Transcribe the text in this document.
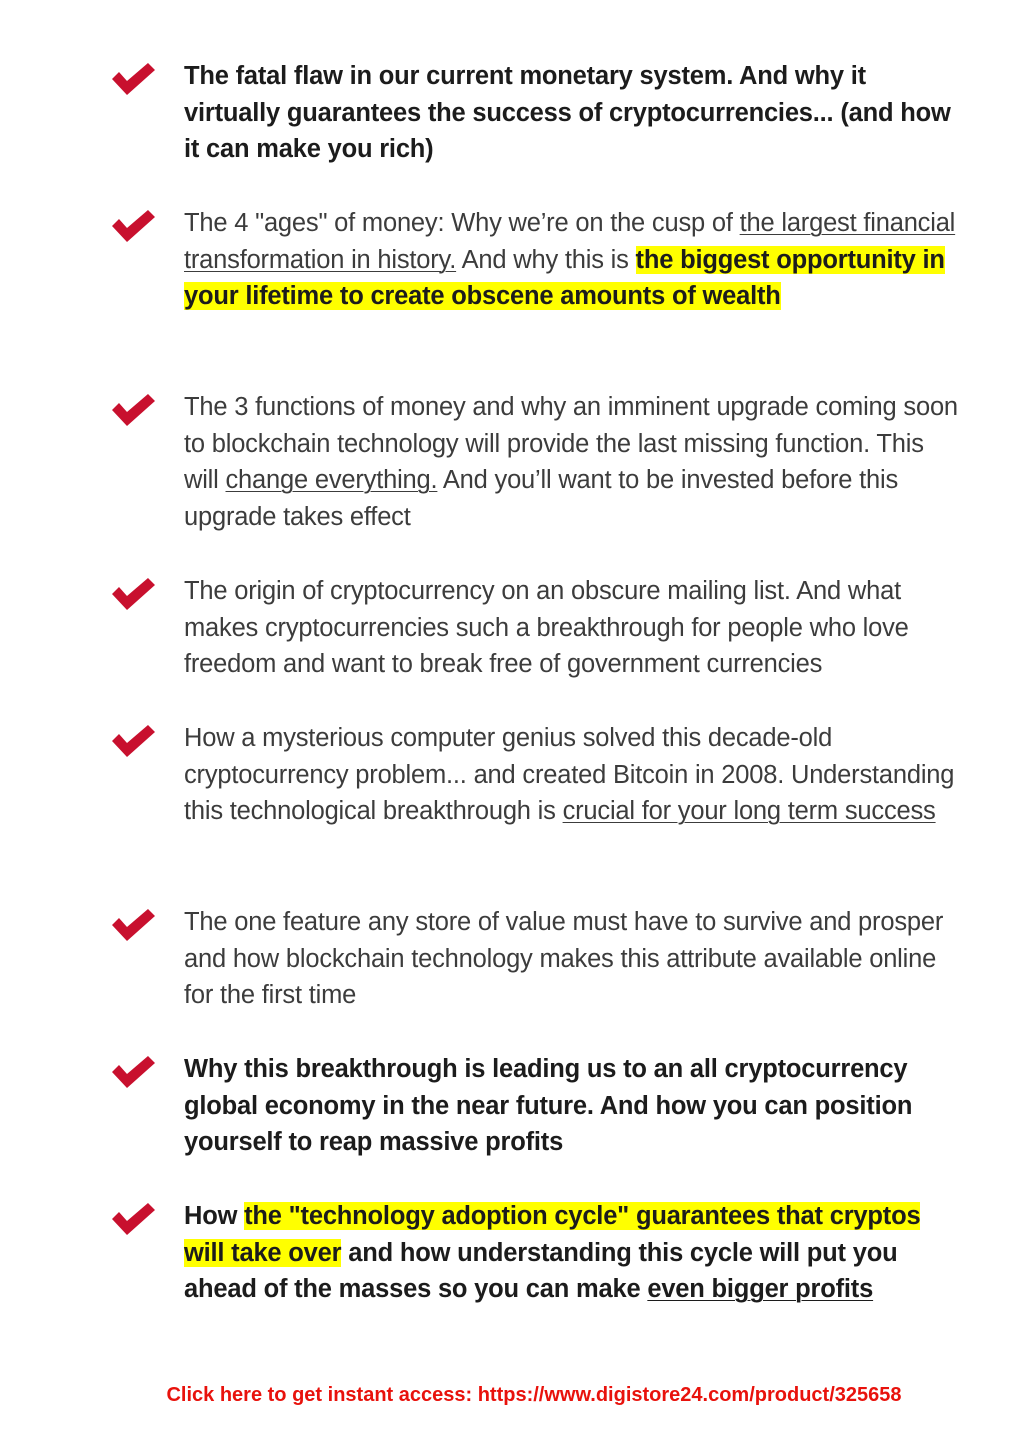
The fatal flaw in our current monetary system. And why it virtually guarantees the success of cryptocurrencies... (and how it can make you rich)
The 4 "ages" of money: Why we’re on the cusp of the largest financial transformation in history. And why this is the biggest opportunity in your lifetime to create obscene amounts of wealth
The 3 functions of money and why an imminent upgrade coming soon to blockchain technology will provide the last missing function. This will change everything. And you’ll want to be invested before this upgrade takes effect
The origin of cryptocurrency on an obscure mailing list. And what makes cryptocurrencies such a breakthrough for people who love freedom and want to break free of government currencies
How a mysterious computer genius solved this decade-old cryptocurrency problem... and created Bitcoin in 2008. Understanding this technological breakthrough is crucial for your long term success
The one feature any store of value must have to survive and prosper and how blockchain technology makes this attribute available online for the first time
Why this breakthrough is leading us to an all cryptocurrency global economy in the near future. And how you can position yourself to reap massive profits
How the "technology adoption cycle" guarantees that cryptos will take over and how understanding this cycle will put you ahead of the masses so you can make even bigger profits
Click here to get instant access: https://www.digistore24.com/product/325658
